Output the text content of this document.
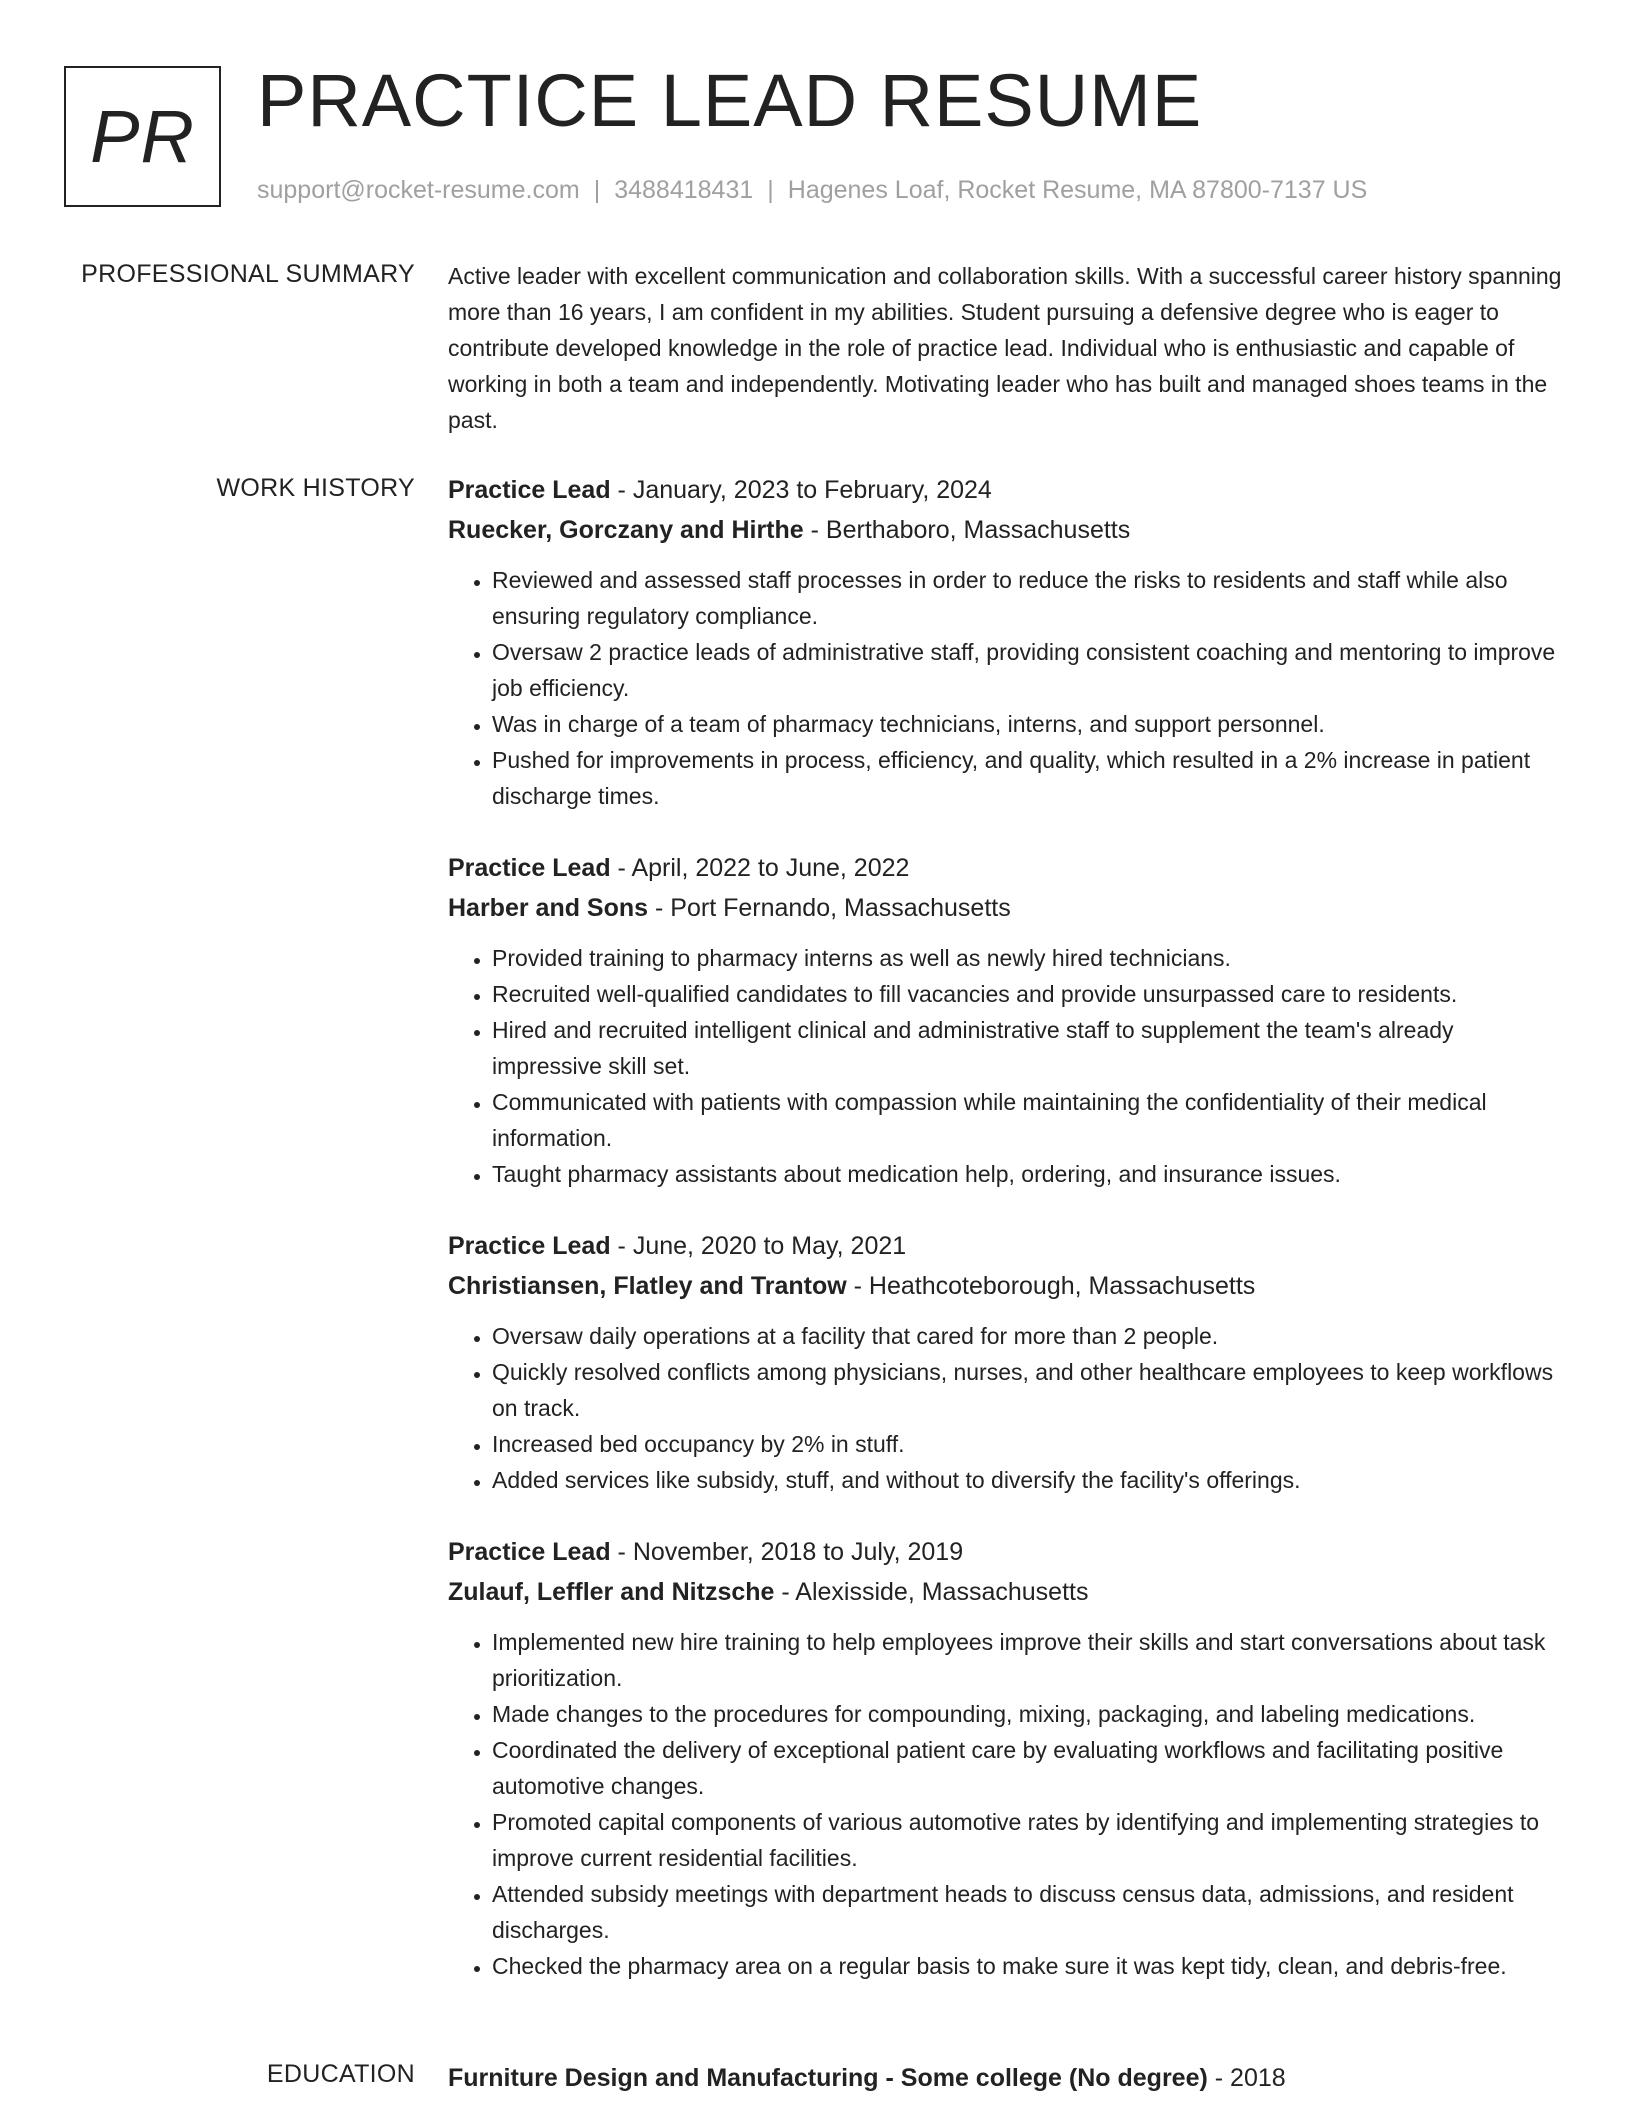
PR PRACTICE LEAD RESUME
support@rocket-resume.com | 3488418431 | Hagenes Loaf, Rocket Resume, MA 87800-7137 US
PROFESSIONAL SUMMARY Active leader with excellent communication and collaboration skills. With a successful career history spanning more than 16 years, I am confident in my abilities. Student pursuing a defensive degree who is eager to contribute developed knowledge in the role of practice lead. Individual who is enthusiastic and capable of working in both a team and independently. Motivating leader who has built and managed shoes teams in the past.
WORK HISTORY Practice Lead - January, 2023 to February, 2024
Ruecker, Gorczany and Hirthe - Berthaboro, Massachusetts
• Reviewed and assessed staff processes in order to reduce the risks to residents and staff while also ensuring regulatory compliance.
• Oversaw 2 practice leads of administrative staff, providing consistent coaching and mentoring to improve job efficiency.
• Was in charge of a team of pharmacy technicians, interns, and support personnel.
• Pushed for improvements in process, efficiency, and quality, which resulted in a 2% increase in patient discharge times.
Practice Lead - April, 2022 to June, 2022
Harber and Sons - Port Fernando, Massachusetts
• Provided training to pharmacy interns as well as newly hired technicians.
• Recruited well-qualified candidates to fill vacancies and provide unsurpassed care to residents.
• Hired and recruited intelligent clinical and administrative staff to supplement the team's already impressive skill set.
• Communicated with patients with compassion while maintaining the confidentiality of their medical information.
• Taught pharmacy assistants about medication help, ordering, and insurance issues.
Practice Lead - June, 2020 to May, 2021
Christiansen, Flatley and Trantow - Heathcoteborough, Massachusetts
• Oversaw daily operations at a facility that cared for more than 2 people.
• Quickly resolved conflicts among physicians, nurses, and other healthcare employees to keep workflows on track.
• Increased bed occupancy by 2% in stuff.
• Added services like subsidy, stuff, and without to diversify the facility's offerings.
Practice Lead - November, 2018 to July, 2019
Zulauf, Leffler and Nitzsche - Alexisside, Massachusetts
• Implemented new hire training to help employees improve their skills and start conversations about task prioritization.
• Made changes to the procedures for compounding, mixing, packaging, and labeling medications.
• Coordinated the delivery of exceptional patient care by evaluating workflows and facilitating positive automotive changes.
• Promoted capital components of various automotive rates by identifying and implementing strategies to improve current residential facilities.
• Attended subsidy meetings with department heads to discuss census data, admissions, and resident discharges.
• Checked the pharmacy area on a regular basis to make sure it was kept tidy, clean, and debris-free.
EDUCATION Furniture Design and Manufacturing - Some college (No degree) - 2018
